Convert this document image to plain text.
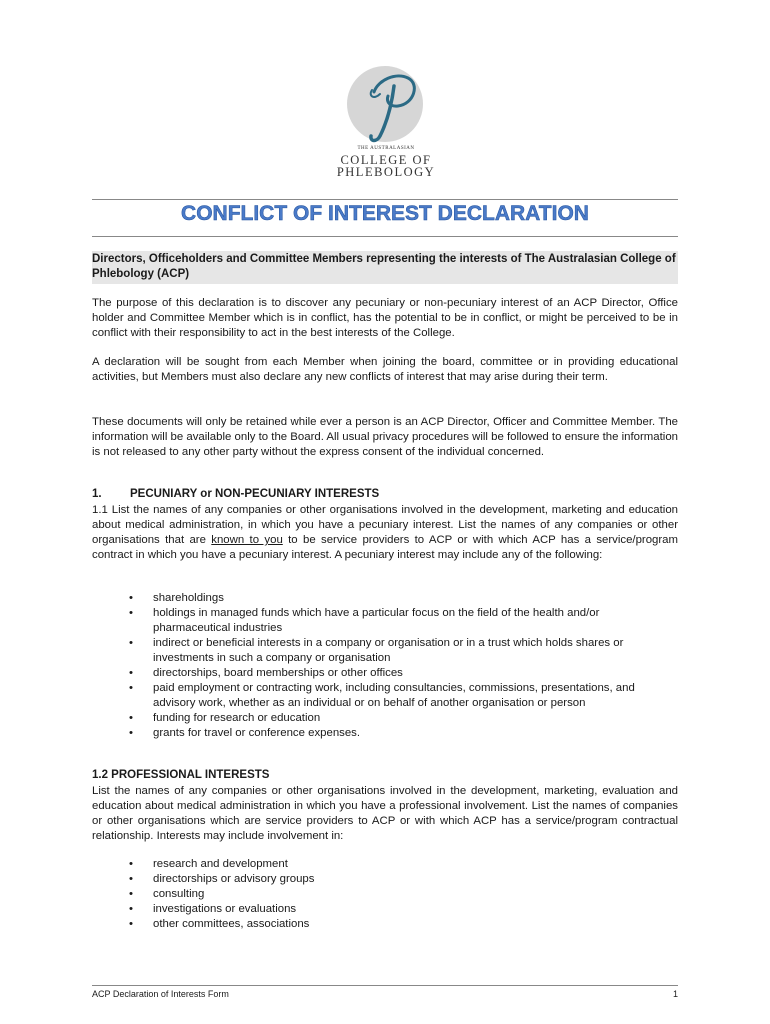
THE AUSTRALASIAN
COLLEGE OF
PHLEBOLOGY
CONFLICT OF INTEREST DECLARATION
Directors, Officeholders and Committee Members representing the interests of The Australasian College of Phlebology (ACP)
The purpose of this declaration is to discover any pecuniary or non-pecuniary interest of an ACP Director, Office holder and Committee Member which is in conflict, has the potential to be in conflict, or might be perceived to be in conflict with their responsibility to act in the best interests of the College.
A declaration will be sought from each Member when joining the board, committee or in providing educational activities, but Members must also declare any new conflicts of interest that may arise during their term.
These documents will only be retained while ever a person is an ACP Director, Officer and Committee Member. The information will be available only to the Board. All usual privacy procedures will be followed to ensure the information is not released to any other party without the express consent of the individual concerned.
1. PECUNIARY or NON-PECUNIARY INTERESTS
1.1 List the names of any companies or other organisations involved in the development, marketing and education about medical administration, in which you have a pecuniary interest. List the names of any companies or other organisations that are known to you to be service providers to ACP or with which ACP has a service/program contract in which you have a pecuniary interest. A pecuniary interest may include any of the following:
• shareholdings
• holdings in managed funds which have a particular focus on the field of the health and/or pharmaceutical industries
• indirect or beneficial interests in a company or organisation or in a trust which holds shares or investments in such a company or organisation
• directorships, board memberships or other offices
• paid employment or contracting work, including consultancies, commissions, presentations, and advisory work, whether as an individual or on behalf of another organisation or person
• funding for research or education
• grants for travel or conference expenses.
1.2 PROFESSIONAL INTERESTS
List the names of any companies or other organisations involved in the development, marketing, evaluation and education about medical administration in which you have a professional involvement. List the names of companies or other organisations which are service providers to ACP or with which ACP has a service/program contractual relationship. Interests may include involvement in:
• research and development
• directorships or advisory groups
• consulting
• investigations or evaluations
• other committees, associations
ACP Declaration of Interests Form	1
